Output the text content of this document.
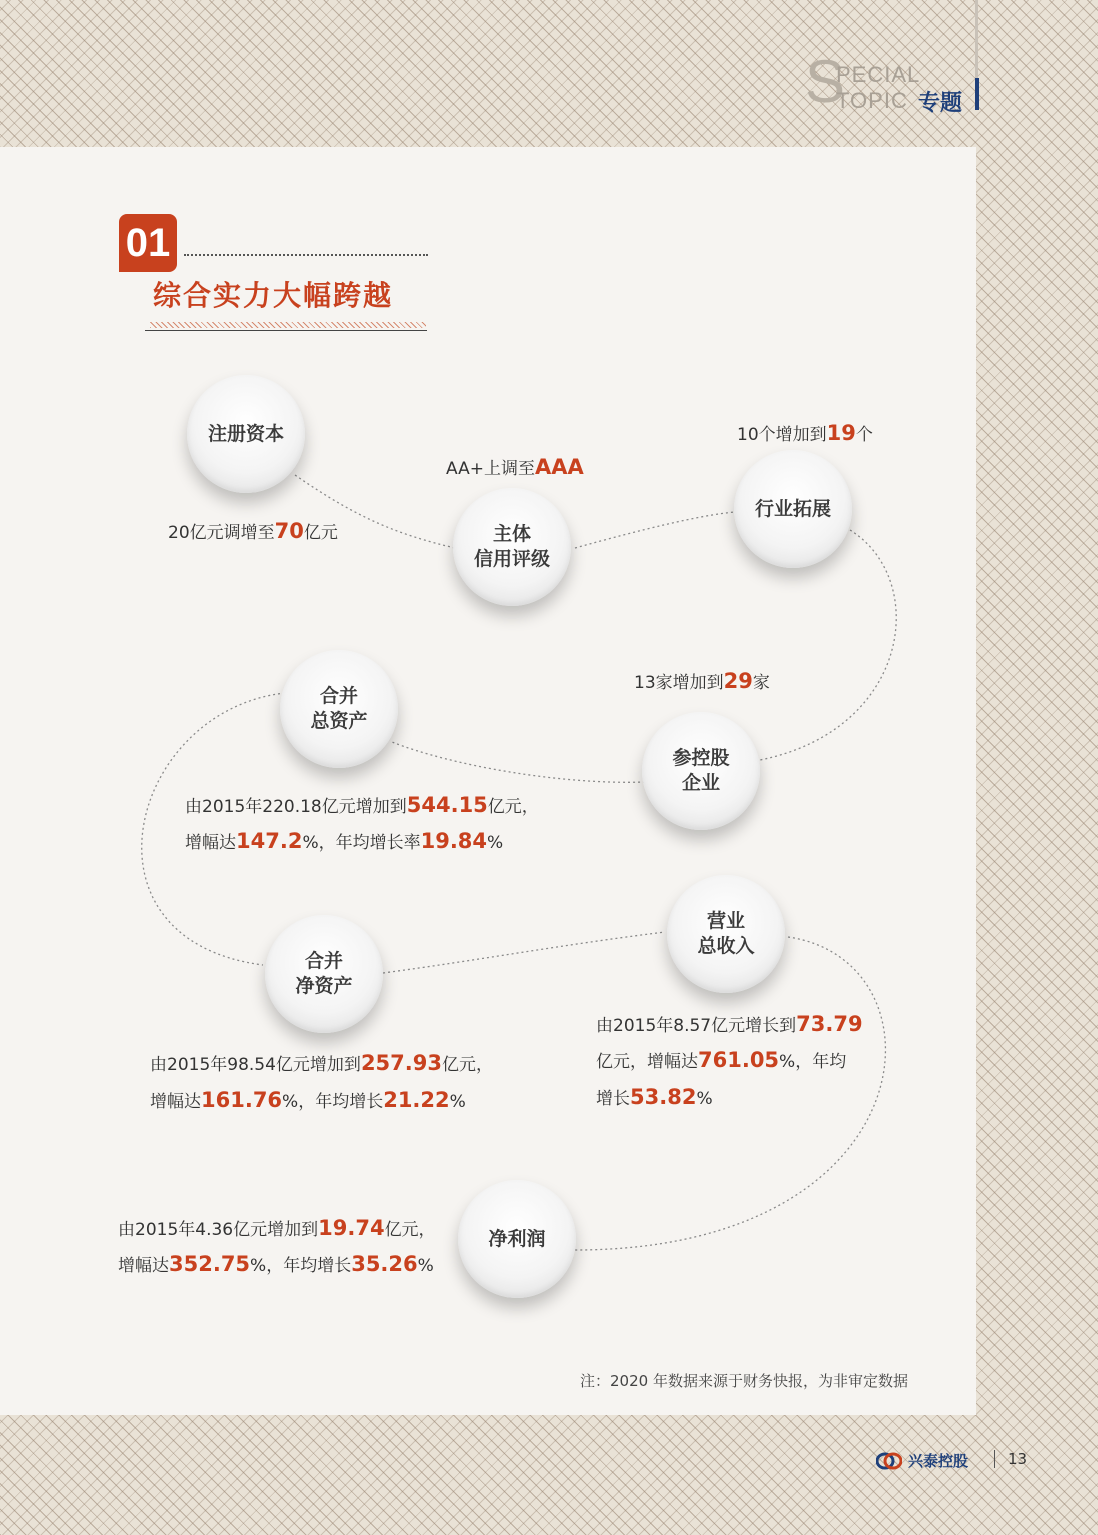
S
PECIAL
TOPIC 专题
01
综合实力大幅跨越
注册资本
主体
信用评级
行业拓展
参控股
企业
合并
总资产
合并
净资产
营业
总收入
净利润
20亿元调增至70亿元
AA+上调至AAA
10个增加到19个
13家增加到29家
由2015年220.18亿元增加到544.15亿元，
增幅达147.2%，年均增长率19.84%
由2015年98.54亿元增加到257.93亿元，
增幅达161.76%，年均增长21.22%
由2015年8.57亿元增长到73.79
亿元，增幅达761.05%，年均
增长53.82%
由2015年4.36亿元增加到19.74亿元，
增幅达352.75%，年均增长35.26%
注：2020 年数据来源于财务快报，为非审定数据
兴泰控股	13
